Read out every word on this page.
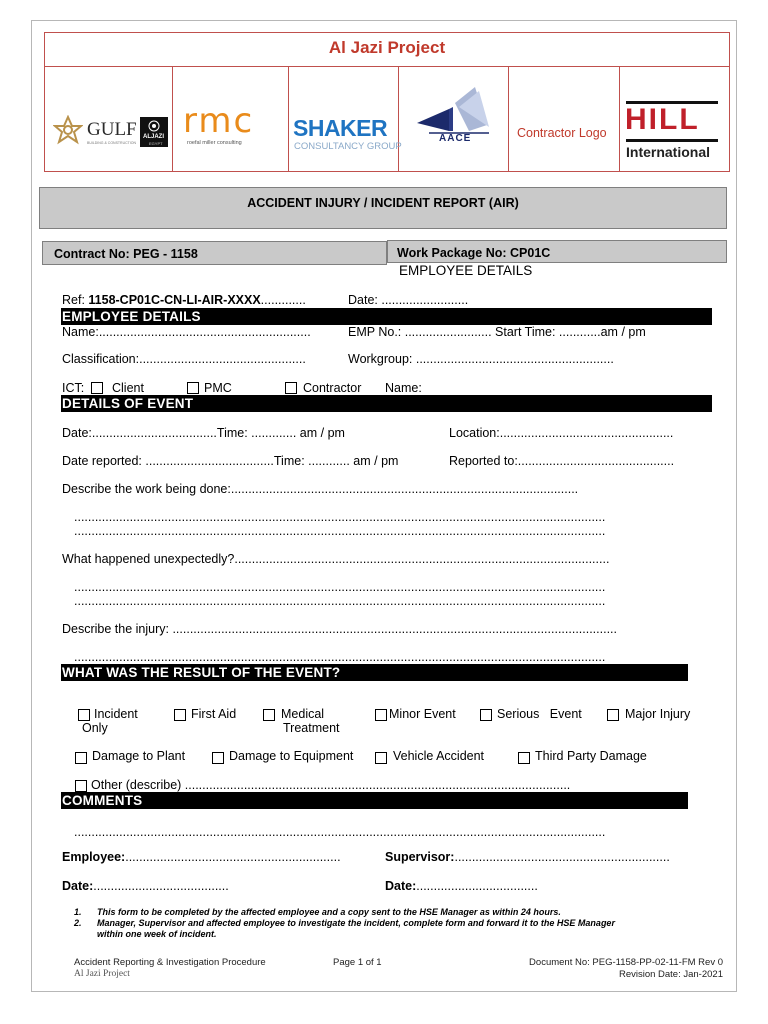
Al Jazi Project
GULF
BUILDING & CONSTRUCTION
ALJAZI
EGYPT
rmc
roefal miller consulting
SHAKER
CONSULTANCY GROUP
AACE	Contractor Logo HILL
International
ACCIDENT INJURY / INCIDENT REPORT (AIR)
Contract No: PEG - 1158	Work Package No: CP01C
EMPLOYEE DETAILS
Ref: 1158-CP01C-CN-LI-AIR-XXXX.............	Date: .........................
EMPLOYEE DETAILS
Name:.............................................................	EMP No.: ......................... Start Time: ............am / pm
Classification:................................................	Workgroup: .........................................................
ICT: Client	PMC	Contractor Name:
DETAILS OF EVENT
Date:....................................Time: ............. am / pm	Location:..................................................
Date reported: .....................................Time: ............ am / pm	Reported to:.............................................
Describe the work being done:....................................................................................................
.........................................................................................................................................................
.........................................................................................................................................................
What happened unexpectedly?............................................................................................................
.........................................................................................................................................................
.........................................................................................................................................................
Describe the injury: ................................................................................................................................
.........................................................................................................................................................
WHAT WAS THE RESULT OF THE EVENT?
Incident
Only
First Aid	Medical
Treatment
Minor Event	Serious   Event	Major Injury
Damage to Plant	Damage to Equipment	Vehicle Accident	Third Party Damage
Other (describe) ...............................................................................................................
COMMENTS
.........................................................................................................................................................
Employee:..............................................................	Supervisor:..............................................................
Date:.......................................	Date:...................................
1. This form to be completed by the affected employee and a copy sent to the HSE Manager as within 24 hours.
2. Manager, Supervisor and affected employee to investigate the incident, complete form and forward it to the HSE Manager
within one week of incident.
Accident Reporting & Investigation Procedure
Al Jazi Project
Page 1 of 1	Document No: PEG-1158-PP-02-11-FM Rev 0
Revision Date: Jan-2021
